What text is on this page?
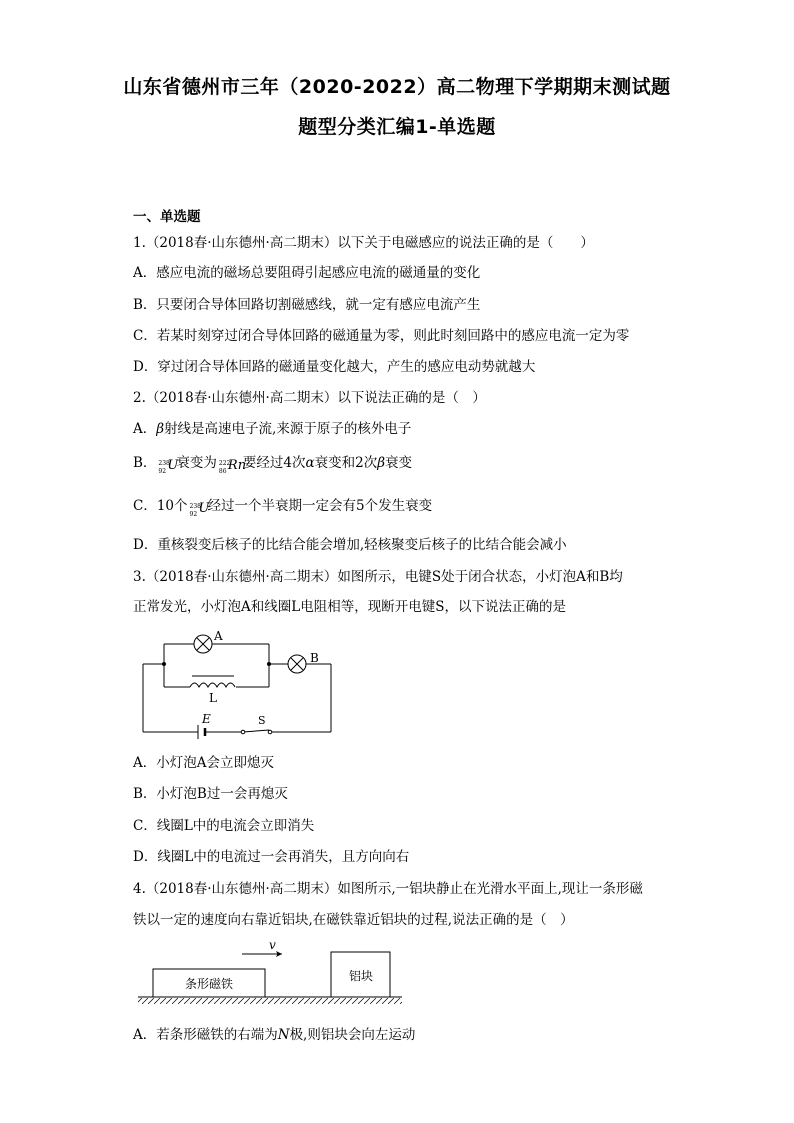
山东省德州市三年（2020-2022）高二物理下学期期末测试题
题型分类汇编1-单选题
一、单选题
1.（2018春·山东德州·高二期末）以下关于电磁感应的说法正确的是（　　）
A．感应电流的磁场总要阻碍引起感应电流的磁通量的变化
B．只要闭合导体回路切割磁感线，就一定有感应电流产生
C．若某时刻穿过闭合导体回路的磁通量为零，则此时刻回路中的感应电流一定为零
D．穿过闭合导体回路的磁通量变化越大，产生的感应电动势就越大
2.（2018春·山东德州·高二期末）以下说法正确的是（　）
A．β射线是高速电子流,来源于原子的核外电子
B． 238
92 U
衰变为 222
86 Rn
要经过4次α衰变和2次β衰变
C．10个 238
92 U
经过一个半衰期一定会有5个发生衰变
D．重核裂变后核子的比结合能会增加,轻核聚变后核子的比结合能会减小
3.（2018春·山东德州·高二期末）如图所示，电键S处于闭合状态，小灯泡A和B均
正常发光，小灯泡A和线圈L电阻相等，现断开电键S，以下说法正确的是
A
B
L
E	S
A．小灯泡A会立即熄灭
B．小灯泡B过一会再熄灭
C．线圈L中的电流会立即消失
D．线圈L中的电流过一会再消失，且方向向右
4.（2018春·山东德州·高二期末）如图所示,一铝块静止在光滑水平面上,现让一条形磁
铁以一定的速度向右靠近铝块,在磁铁靠近铝块的过程,说法正确的是（　）
条形磁铁
铝块
v
A．若条形磁铁的右端为N极,则铝块会向左运动
